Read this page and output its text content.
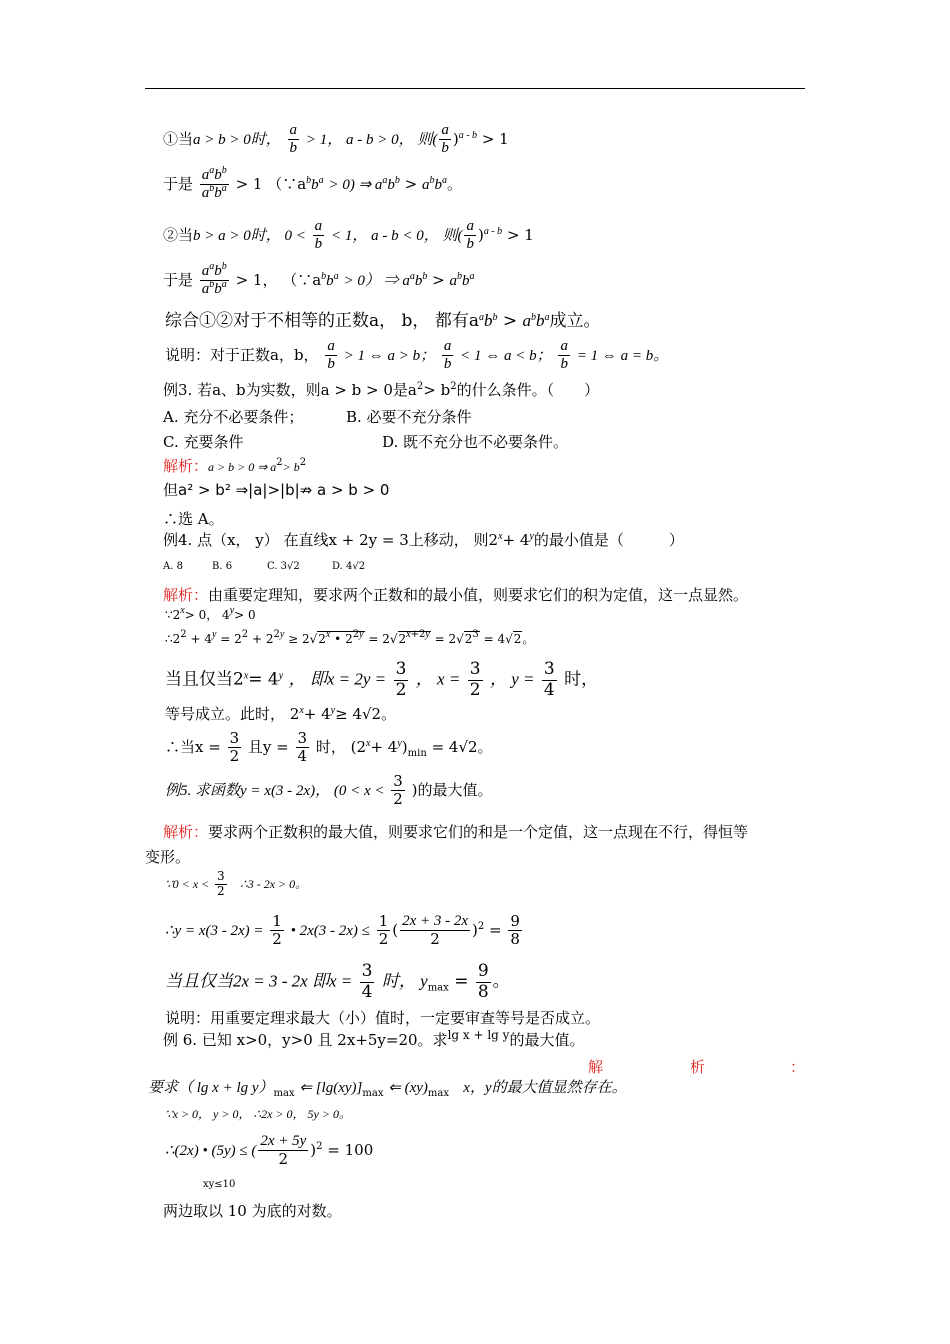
①当a > b > 0时， $\frac{a}{b} > 1$， a - b > 0， 则( $\frac{a}{b} )^{a - b} > 1$
于是 $\frac{a^ab^b}{a^bb^a} > 1$ $(\because a^bb^a > 0)$ ⇒ $a^ab^b > a^bb^a$。
②当b > a > 0时， $0 < \frac{a}{b} < 1$， a - b < 0， 则( $\frac{a}{b} )^{a - b} > 1$
于是 $\frac{a^ab^b}{a^bb^a} > 1$， $(\because a^bb^a > 0)$ ⇒ $a^ab^b > a^bb^a$
综合①②对于不相等的正数a， b， 都有$a^ab^b > a^bb^a$成立。
说明：对于正数a，b， $\frac{a}{b} > 1$ ⇔ a > b； $\frac{a}{b} < 1$ ⇔ a < b； $\frac{a}{b} = 1$ ⇔ a = b。
例3. 若a、b为实数，则a > b > 0是$a^2> b^2$的什么条件。（　　）
A. 充分不必要条件；	B. 必要不充分条件
C. 充要条件	D. 既不充分也不必要条件。
解析：a > b > 0 ⇒ $a^2> b^2$
但a² > b² ⇒|a|>|b|⇏ a > b > 0
∴选 A。
例4. 点（x， y） 在直线x + 2y = 3上移动， 则$2^x+ 4^y$的最小值是（　　　）
A. 8	B. 6	C. 3√2	D. 4√2
解析：由重要定理知，要求两个正数和的最小值，则要求它们的积为定值，这一点显然。
$\because 2^x> 0$， $4^y> 0$
$\therefore 2^2 + 4^y = 2^2 + 2^{2y} \ge 2√2^x$ • $2^{2y} = 2√2^{x+2y} = 2√2^3 = 4√2$。
当且仅当$2^x= 4^y$ ， 即$x = 2y = \frac{3}{2}$ ， $x = \frac{3}{2}$ ， $y = \frac{3}{4}$ 时，
等号成立。此时， $2^x+ 4^y\ge 4√2$。
∴当$x = \frac{3}{2}$ 且$y = \frac{3}{4}$ 时， $(2^x+ 4^y)_{min} = 4√2$。
例5. 求函数y = x(3 - 2x)， ($0 < x < \frac{3}{2}$ )的最大值。
解析：要求两个正数积的最大值，则要求它们的和是一个定值，这一点现在不行，得恒等
变形。
∵0 < $x < \frac{3}{2}$ ∴3 - 2x > 0。
∴y = $x(3 - 2x) = \frac{1}{2}$ • $2x(3 - 2x) \le \frac{1}{2}$ ( $\frac{2x + 3 - 2x}{2} )^2 = \frac{9}{8}$
当且仅当2x = 3 - 2x 即$x = \frac{3}{4}$ 时， $y_{max} = \frac{9}{8}$ 。
说明：用重要定理求最大（小）值时，一定要审查等号是否成立。
例 6. 已知 x>0，y>0 且 2x+5y=20。求$^{lg x + lg y}$的最大值。
解	析	：
要求（ $\lg x + \lg y)_{max}$ ⇐ $[\lg(xy)]_{max}$ ⇐ $(xy)_{max}$ x，y的最大值显然存在。
∵x > 0， y > 0， ∴2x > 0， 5y > 0。
∴(2x) • (5y) ≤ ( $\frac{2x + 5y}{2} )^2 = 100$
xy≤10
两边取以 10 为底的对数。
